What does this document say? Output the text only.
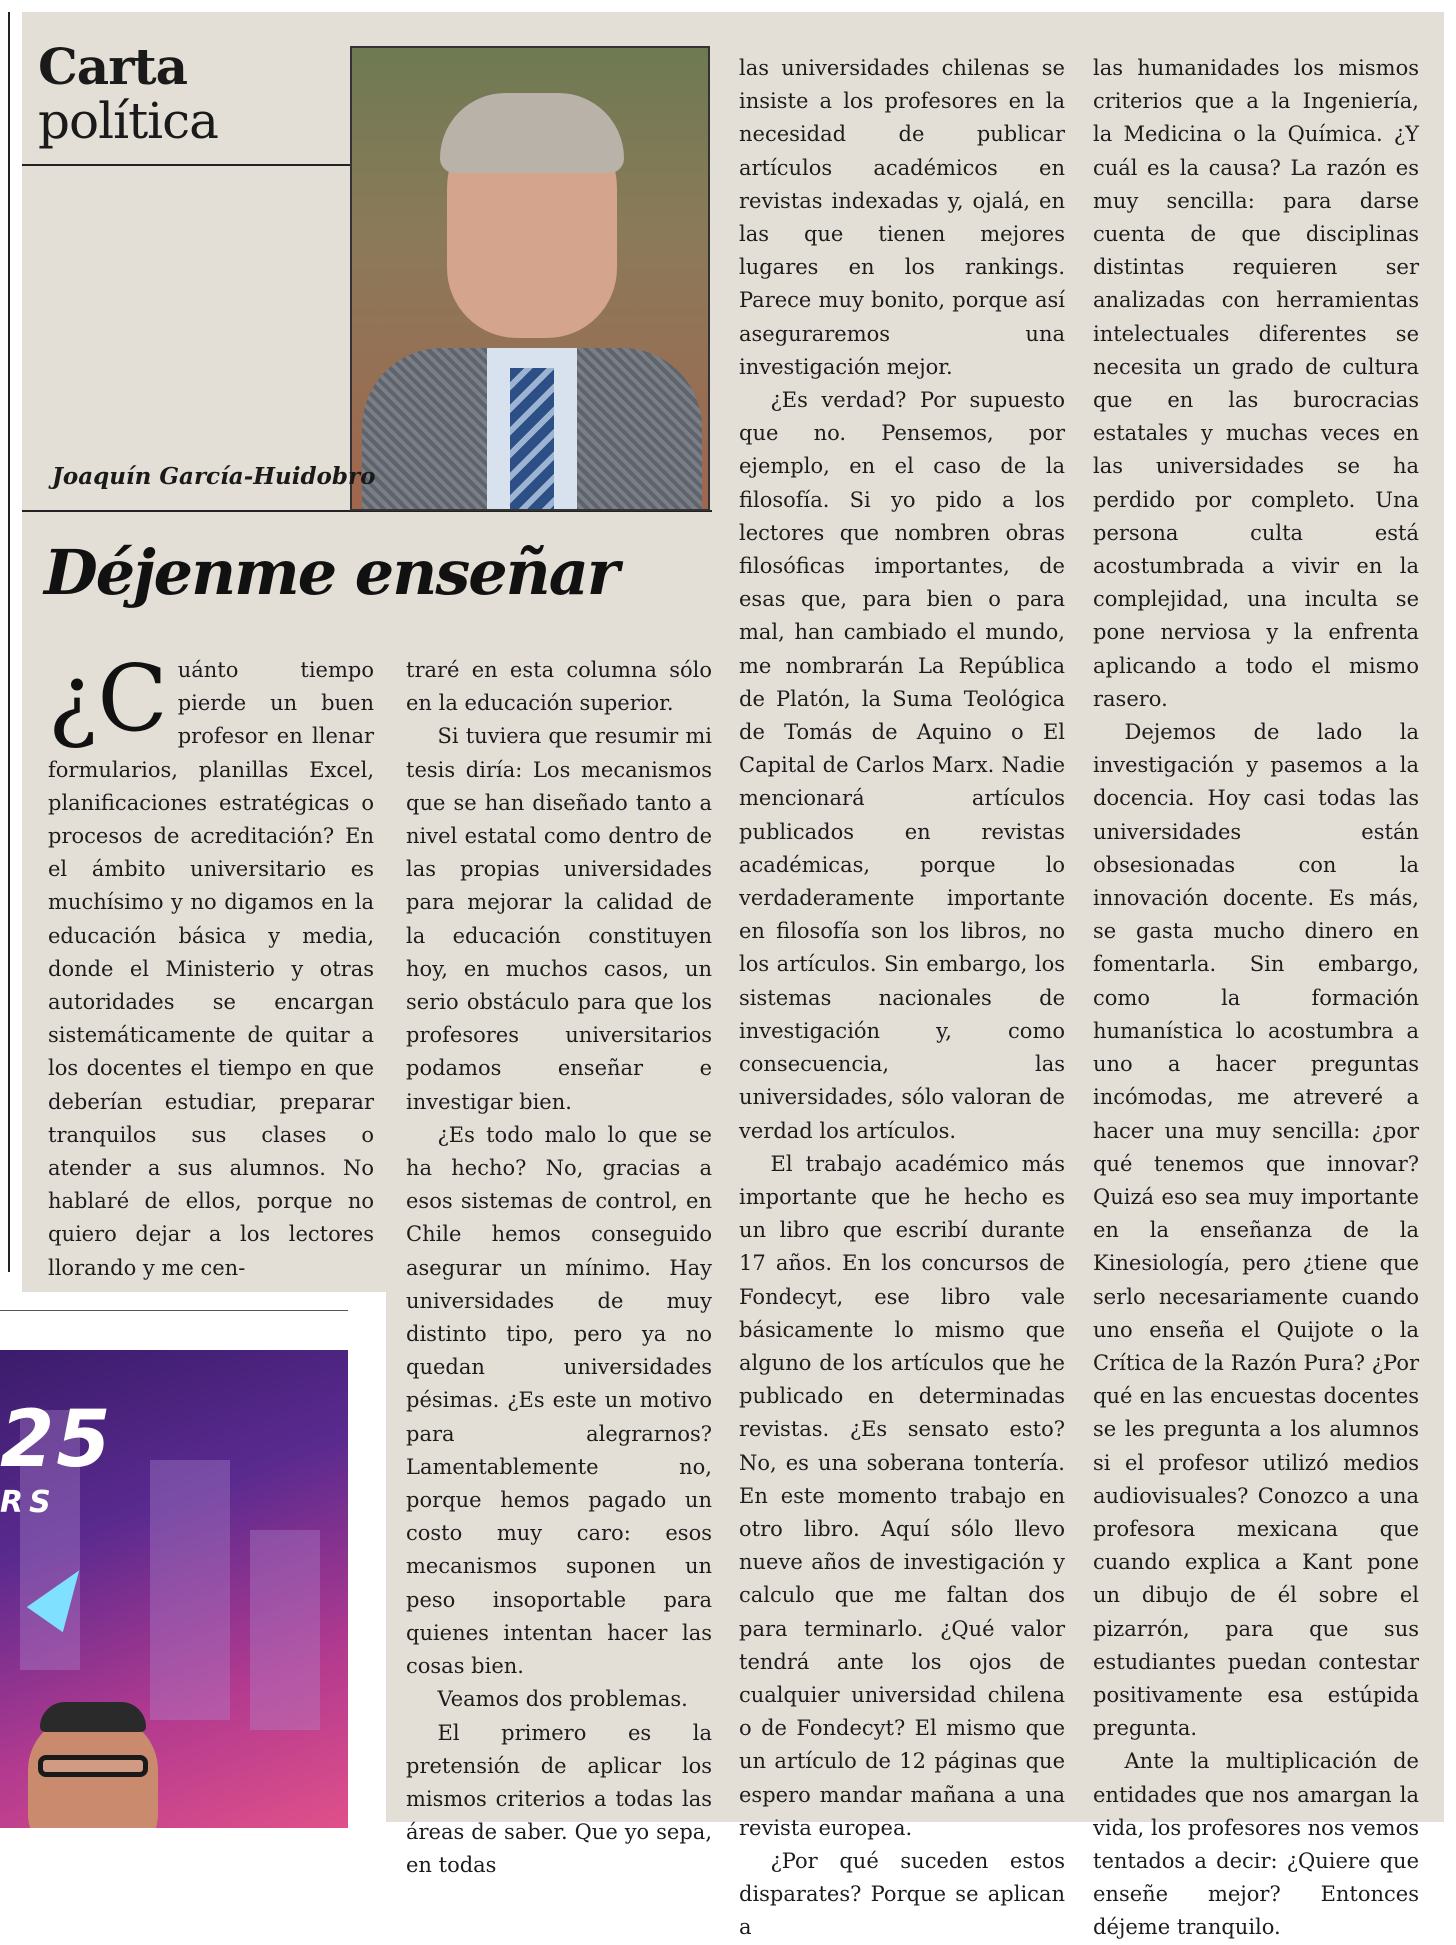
Carta
política
Joaquín García-Huidobro
Déjenme enseñar

¿C uánto tiempo pierde un buen profesor en llenar formularios, planillas Excel, planificaciones estratégicas o procesos de acreditación? En el ámbito universitario es muchísimo y no digamos en la educación básica y media, donde el Ministerio y otras autoridades se encargan sistemáticamente de quitar a los docentes el tiempo en que deberían estudiar, preparar tranquilos sus clases o atender a sus alumnos. No hablaré de ellos, porque no quiero dejar a los lectores llorando y me cen-

traré en esta columna sólo en la educación superior.

Si tuviera que resumir mi tesis diría: Los mecanismos que se han diseñado tanto a nivel estatal como dentro de las propias universidades para mejorar la calidad de la educación constituyen hoy, en muchos casos, un serio obstáculo para que los profesores universitarios podamos enseñar e investigar bien.

¿Es todo malo lo que se ha hecho? No, gracias a esos sistemas de control, en Chile hemos conseguido asegurar un mínimo. Hay universidades de muy distinto tipo, pero ya no quedan universidades pésimas. ¿Es este un motivo para alegrarnos? Lamentablemente no, porque hemos pagado un costo muy caro: esos mecanismos suponen un peso insoportable para quienes intentan hacer las cosas bien.

Veamos dos problemas.

El primero es la pretensión de aplicar los mismos criterios a todas las áreas de saber. Que yo sepa, en todas

las universidades chilenas se insiste a los profesores en la necesidad de publicar artículos académicos en revistas indexadas y, ojalá, en las que tienen mejores lugares en los rankings. Parece muy bonito, porque así aseguraremos una investigación mejor.

¿Es verdad? Por supuesto que no. Pensemos, por ejemplo, en el caso de la filosofía. Si yo pido a los lectores que nombren obras filosóficas importantes, de esas que, para bien o para mal, han cambiado el mundo, me nombrarán La República de Platón, la Suma Teológica de Tomás de Aquino o El Capital de Carlos Marx. Nadie mencionará artículos publicados en revistas académicas, porque lo verdaderamente importante en filosofía son los libros, no los artículos. Sin embargo, los sistemas nacionales de investigación y, como consecuencia, las universidades, sólo valoran de verdad los artículos.

El trabajo académico más importante que he hecho es un libro que escribí durante 17 años. En los concursos de Fondecyt, ese libro vale básicamente lo mismo que alguno de los artículos que he publicado en determinadas revistas. ¿Es sensato esto? No, es una soberana tontería. En este momento trabajo en otro libro. Aquí sólo llevo nueve años de investigación y calculo que me faltan dos para terminarlo. ¿Qué valor tendrá ante los ojos de cualquier universidad chilena o de Fondecyt? El mismo que un artículo de 12 páginas que espero mandar mañana a una revista europea.

¿Por qué suceden estos disparates? Porque se aplican a

las humanidades los mismos criterios que a la Ingeniería, la Medicina o la Química. ¿Y cuál es la causa? La razón es muy sencilla: para darse cuenta de que disciplinas distintas requieren ser analizadas con herramientas intelectuales diferentes se necesita un grado de cultura que en las burocracias estatales y muchas veces en las universidades se ha perdido por completo. Una persona culta está acostumbrada a vivir en la complejidad, una inculta se pone nerviosa y la enfrenta aplicando a todo el mismo rasero.

Dejemos de lado la investigación y pasemos a la docencia. Hoy casi todas las universidades están obsesionadas con la innovación docente. Es más, se gasta mucho dinero en fomentarla. Sin embargo, como la formación humanística lo acostumbra a uno a hacer preguntas incómodas, me atreveré a hacer una muy sencilla: ¿por qué tenemos que innovar? Quizá eso sea muy importante en la enseñanza de la Kinesiología, pero ¿tiene que serlo necesariamente cuando uno enseña el Quijote o la Crítica de la Razón Pura? ¿Por qué en las encuestas docentes se les pregunta a los alumnos si el profesor utilizó medios audiovisuales? Conozco a una profesora mexicana que cuando explica a Kant pone un dibujo de él sobre el pizarrón, para que sus estudiantes puedan contestar positivamente esa estúpida pregunta.

Ante la multiplicación de entidades que nos amargan la vida, los profesores nos vemos tentados a decir: ¿Quiere que enseñe mejor? Entonces déjeme tranquilo.

25
RS
